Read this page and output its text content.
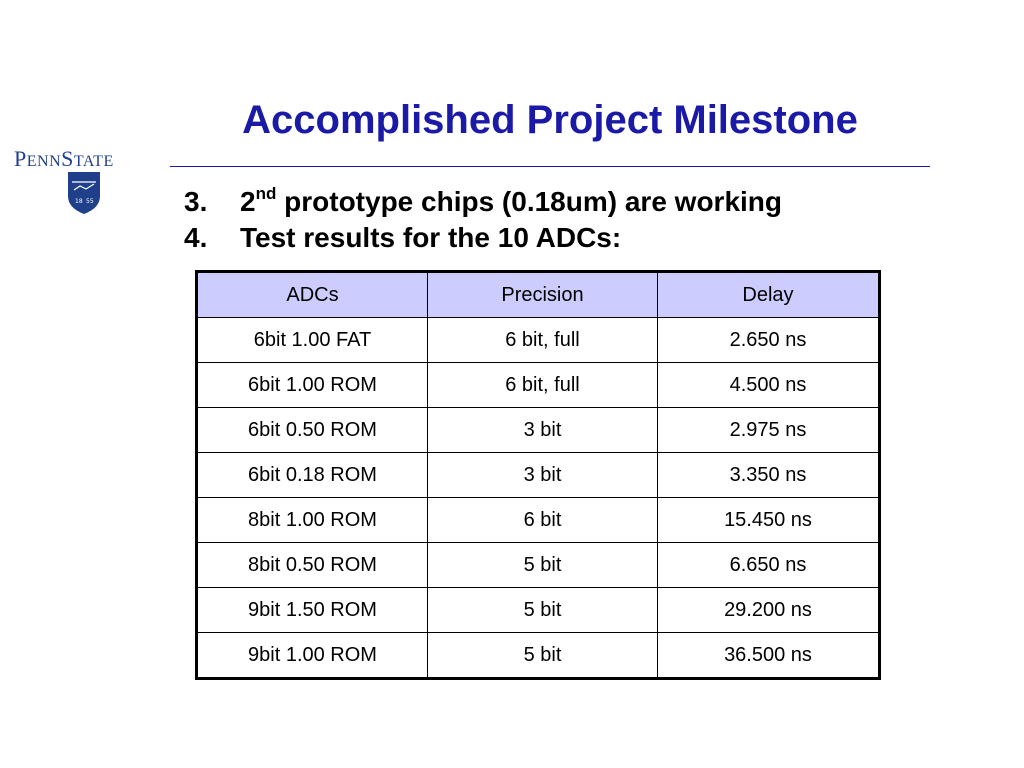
PENNSTATE
18 55
Accomplished Project Milestone
3.	2nd prototype chips (0.18um) are working
4.	Test results for the 10 ADCs:
ADCs	Precision	Delay
6bit 1.00 FAT	6 bit, full	2.650 ns
6bit 1.00 ROM	6 bit, full	4.500 ns
6bit 0.50 ROM	3 bit	2.975 ns
6bit 0.18 ROM	3 bit	3.350 ns
8bit 1.00 ROM	6 bit	15.450 ns
8bit 0.50 ROM	5 bit	6.650 ns
9bit 1.50 ROM	5 bit	29.200 ns
9bit 1.00 ROM	5 bit	36.500 ns
